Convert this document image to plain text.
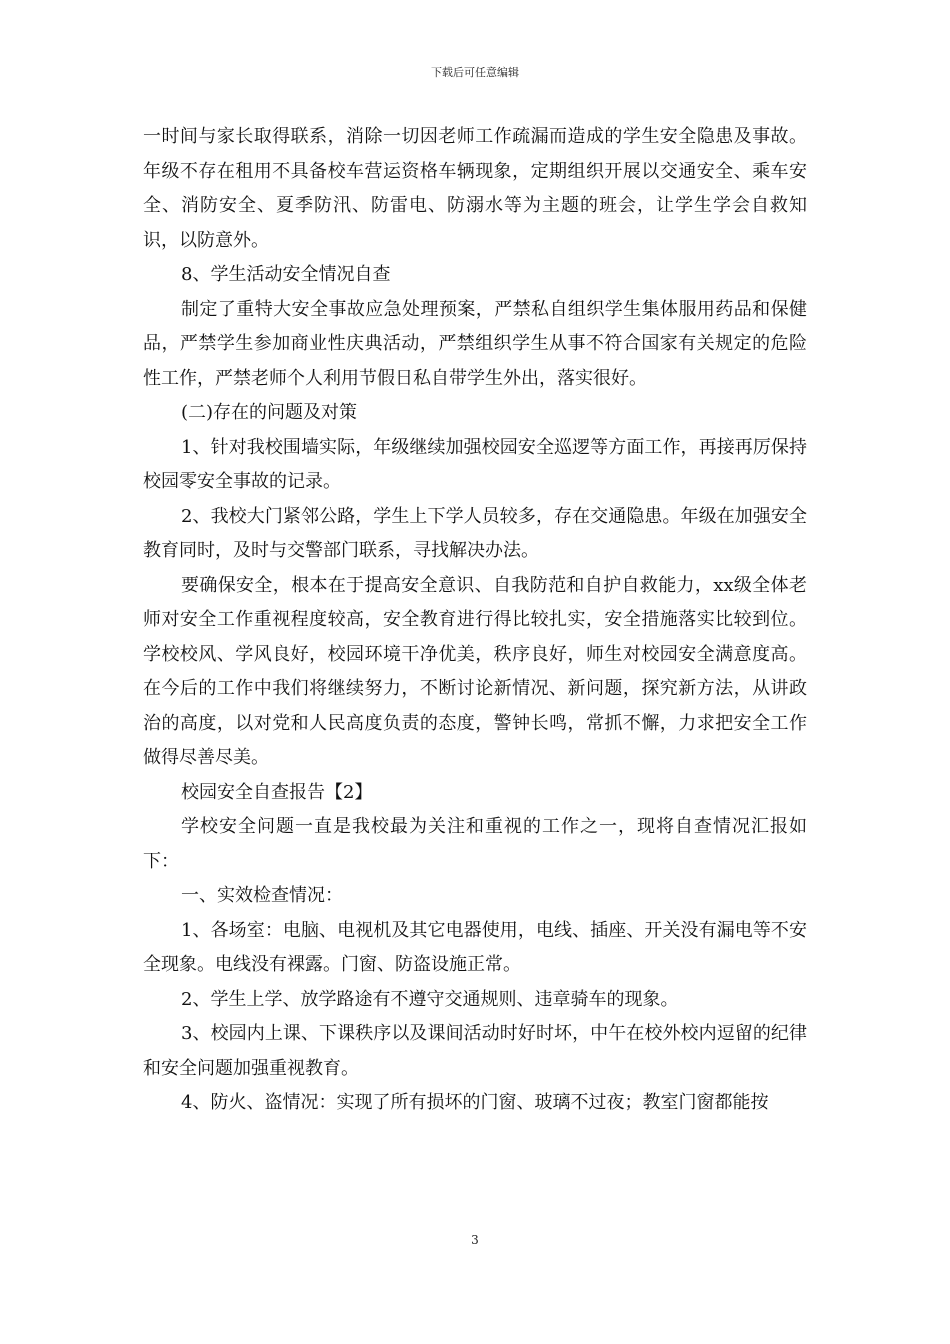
下载后可任意编辑

一时间与家长取得联系，消除一切因老师工作疏漏而造成的学生安全隐患及事故。年级不存在租用不具备校车营运资格车辆现象，定期组织开展以交通安全、乘车安全、消防安全、夏季防汛、防雷电、防溺水等为主题的班会，让学生学会自救知识，以防意外。

8、学生活动安全情况自查

制定了重特大安全事故应急处理预案，严禁私自组织学生集体服用药品和保健品，严禁学生参加商业性庆典活动，严禁组织学生从事不符合国家有关规定的危险性工作，严禁老师个人利用节假日私自带学生外出，落实很好。

(二)存在的问题及对策

1、针对我校围墙实际，年级继续加强校园安全巡逻等方面工作，再接再厉保持校园零安全事故的记录。

2、我校大门紧邻公路，学生上下学人员较多，存在交通隐患。年级在加强安全教育同时，及时与交警部门联系，寻找解决办法。

要确保安全，根本在于提高安全意识、自我防范和自护自救能力，xx级全体老师对安全工作重视程度较高，安全教育进行得比较扎实，安全措施落实比较到位。学校校风、学风良好，校园环境干净优美，秩序良好，师生对校园安全满意度高。在今后的工作中我们将继续努力，不断讨论新情况、新问题，探究新方法，从讲政治的高度，以对党和人民高度负责的态度，警钟长鸣，常抓不懈，力求把安全工作做得尽善尽美。

校园安全自查报告【2】

学校安全问题一直是我校最为关注和重视的工作之一，现将自查情况汇报如下：

一、实效检查情况：

1、各场室：电脑、电视机及其它电器使用，电线、插座、开关没有漏电等不安全现象。电线没有裸露。门窗、防盗设施正常。

2、学生上学、放学路途有不遵守交通规则、违章骑车的现象。

3、校园内上课、下课秩序以及课间活动时好时坏，中午在校外校内逗留的纪律和安全问题加强重视教育。

4、防火、盗情况：实现了所有损坏的门窗、玻璃不过夜；教室门窗都能按

3
